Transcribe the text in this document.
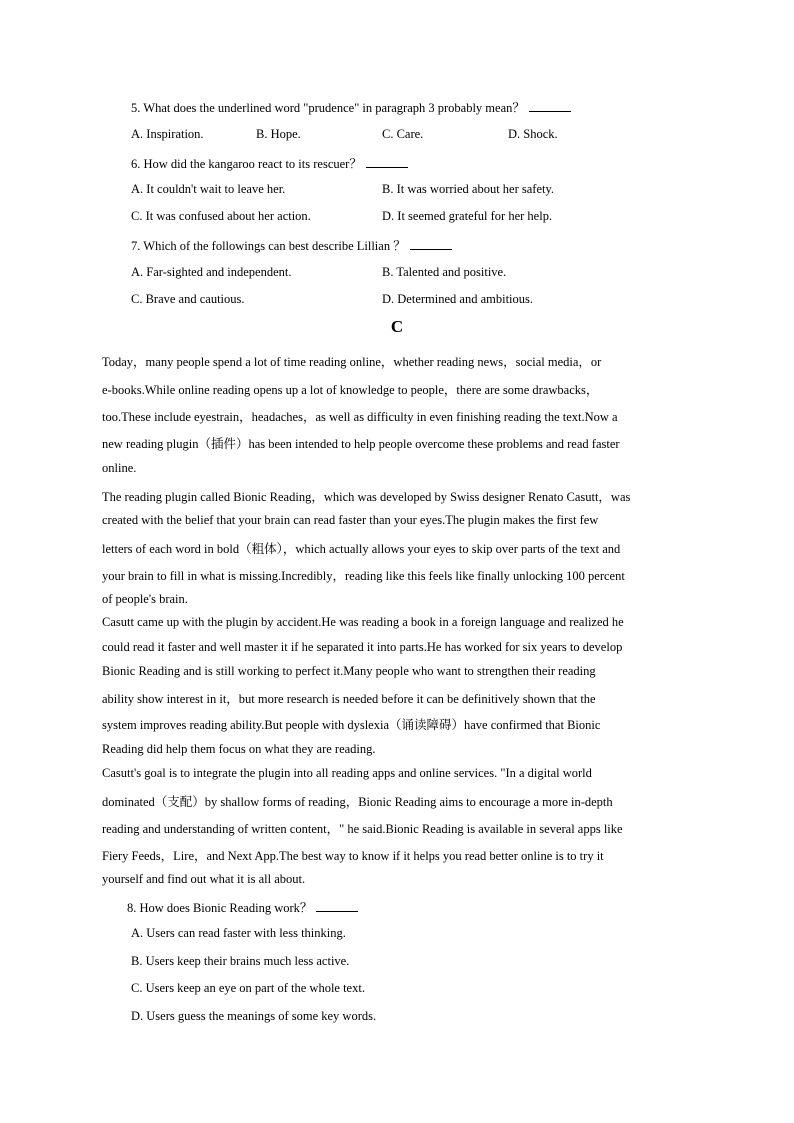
5. What does the underlined word "prudence" in paragraph 3 probably mean？
A. Inspiration.	B. Hope.	C. Care.	D. Shock.
6. How did the kangaroo react to its rescuer？
A. It couldn't wait to leave her.	B. It was worried about her safety.
C. It was confused about her action.	D. It seemed grateful for her help.
7. Which of the followings can best describe Lillian ？
A. Far-sighted and independent.	B. Talented and positive.
C. Brave and cautious.	D. Determined and ambitious.
C
Today，many people spend a lot of time reading online，whether reading news，social media，or
e-books.While online reading opens up a lot of knowledge to people，there are some drawbacks，
too.These include eyestrain，headaches，as well as difficulty in even finishing reading the text.Now a
new reading plugin（插件）has been intended to help people overcome these problems and read faster
online.
The reading plugin called Bionic Reading，which was developed by Swiss designer Renato Casutt，was
created with the belief that your brain can read faster than your eyes.The plugin makes the first few
letters of each word in bold（粗体），which actually allows your eyes to skip over parts of the text and
your brain to fill in what is missing.Incredibly，reading like this feels like finally unlocking 100 percent
of people's brain.
Casutt came up with the plugin by accident.He was reading a book in a foreign language and realized he
could read it faster and well master it if he separated it into parts.He has worked for six years to develop
Bionic Reading and is still working to perfect it.Many people who want to strengthen their reading
ability show interest in it，but more research is needed before it can be definitively shown that the
system improves reading ability.But people with dyslexia（诵读障碍）have confirmed that Bionic
Reading did help them focus on what they are reading.
Casutt's goal is to integrate the plugin into all reading apps and online services. "In a digital world
dominated（支配）by shallow forms of reading，Bionic Reading aims to encourage a more in-depth
reading and understanding of written content，" he said.Bionic Reading is available in several apps like
Fiery Feeds，Lire，and Next App.The best way to know if it helps you read better online is to try it
yourself and find out what it is all about.
8. How does Bionic Reading work？
A. Users can read faster with less thinking.
B. Users keep their brains much less active.
C. Users keep an eye on part of the whole text.
D. Users guess the meanings of some key words.
